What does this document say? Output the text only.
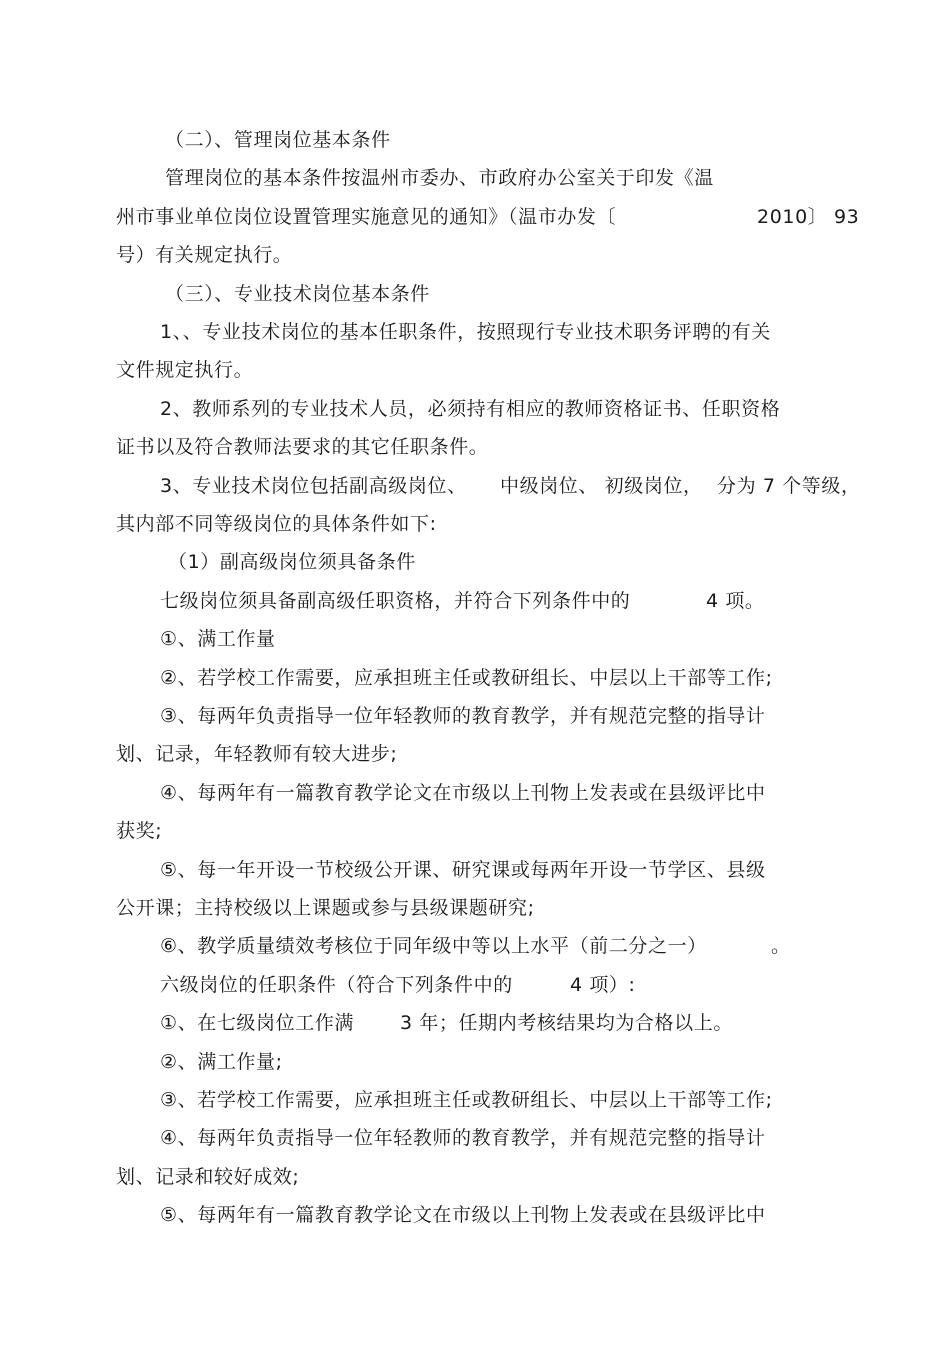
（二）、管理岗位基本条件
管理岗位的基本条件按温州市委办、市政府办公室关于印发《温
州市事业单位岗位设置管理实施意见的通知》（温市办发〔	2010〕 93
号）有关规定执行。
（三）、专业技术岗位基本条件
1、、专业技术岗位的基本任职条件，按照现行专业技术职务评聘的有关
文件规定执行。
2、教师系列的专业技术人员，必须持有相应的教师资格证书、任职资格
证书以及符合教师法要求的其它任职条件。
3、专业技术岗位包括副高级岗位、 中级岗位、 初级岗位， 分为 7 个等级，
其内部不同等级岗位的具体条件如下:
（1）副高级岗位须具备条件
七级岗位须具备副高级任职资格，并符合下列条件中的	4 项。
①、满工作量
②、若学校工作需要，应承担班主任或教研组长、中层以上干部等工作;
③、每两年负责指导一位年轻教师的教育教学，并有规范完整的指导计
划、记录，年轻教师有较大进步;
④、每两年有一篇教育教学论文在市级以上刊物上发表或在县级评比中
获奖;
⑤、每一年开设一节校级公开课、研究课或每两年开设一节学区、县级
公开课；主持校级以上课题或参与县级课题研究;
⑥、教学质量绩效考核位于同年级中等以上水平（前二分之一）	。
六级岗位的任职条件（符合下列条件中的	4 项）:
①、在七级岗位工作满 3 年；任期内考核结果均为合格以上。
②、满工作量;
③、若学校工作需要，应承担班主任或教研组长、中层以上干部等工作;
④、每两年负责指导一位年轻教师的教育教学，并有规范完整的指导计
划、记录和较好成效;
⑤、每两年有一篇教育教学论文在市级以上刊物上发表或在县级评比中
